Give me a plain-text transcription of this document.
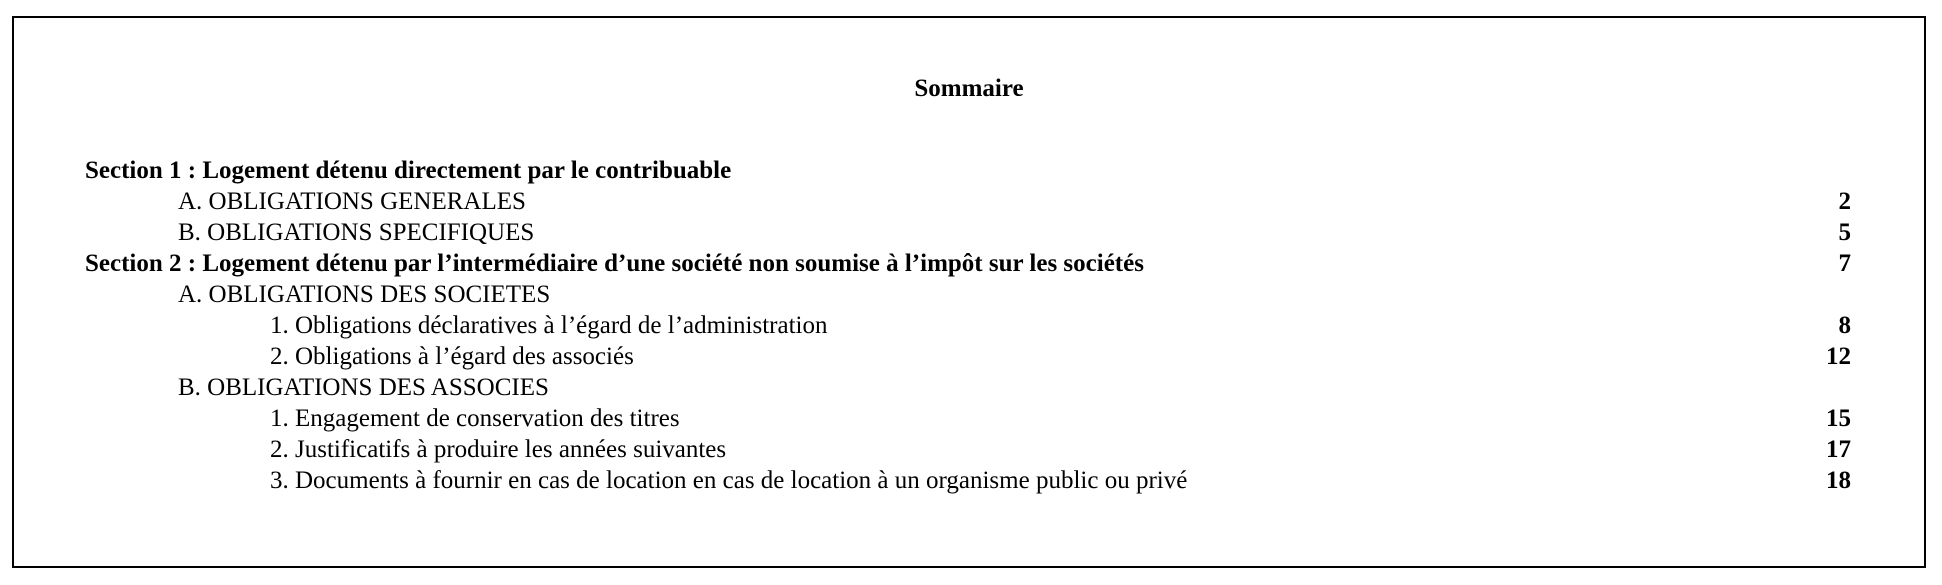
Sommaire
Section 1 : Logement détenu directement par le contribuable
A. OBLIGATIONS GENERALES	2
B. OBLIGATIONS SPECIFIQUES	5
Section 2 : Logement détenu par l’intermédiaire d’une société non soumise à l’impôt sur les sociétés	7
A. OBLIGATIONS DES SOCIETES
1. Obligations déclaratives à l’égard de l’administration	8
2. Obligations à l’égard des associés	12
B. OBLIGATIONS DES ASSOCIES
1. Engagement de conservation des titres	15
2. Justificatifs à produire les années suivantes	17
3. Documents à fournir en cas de location en cas de location à un organisme public ou privé	18
